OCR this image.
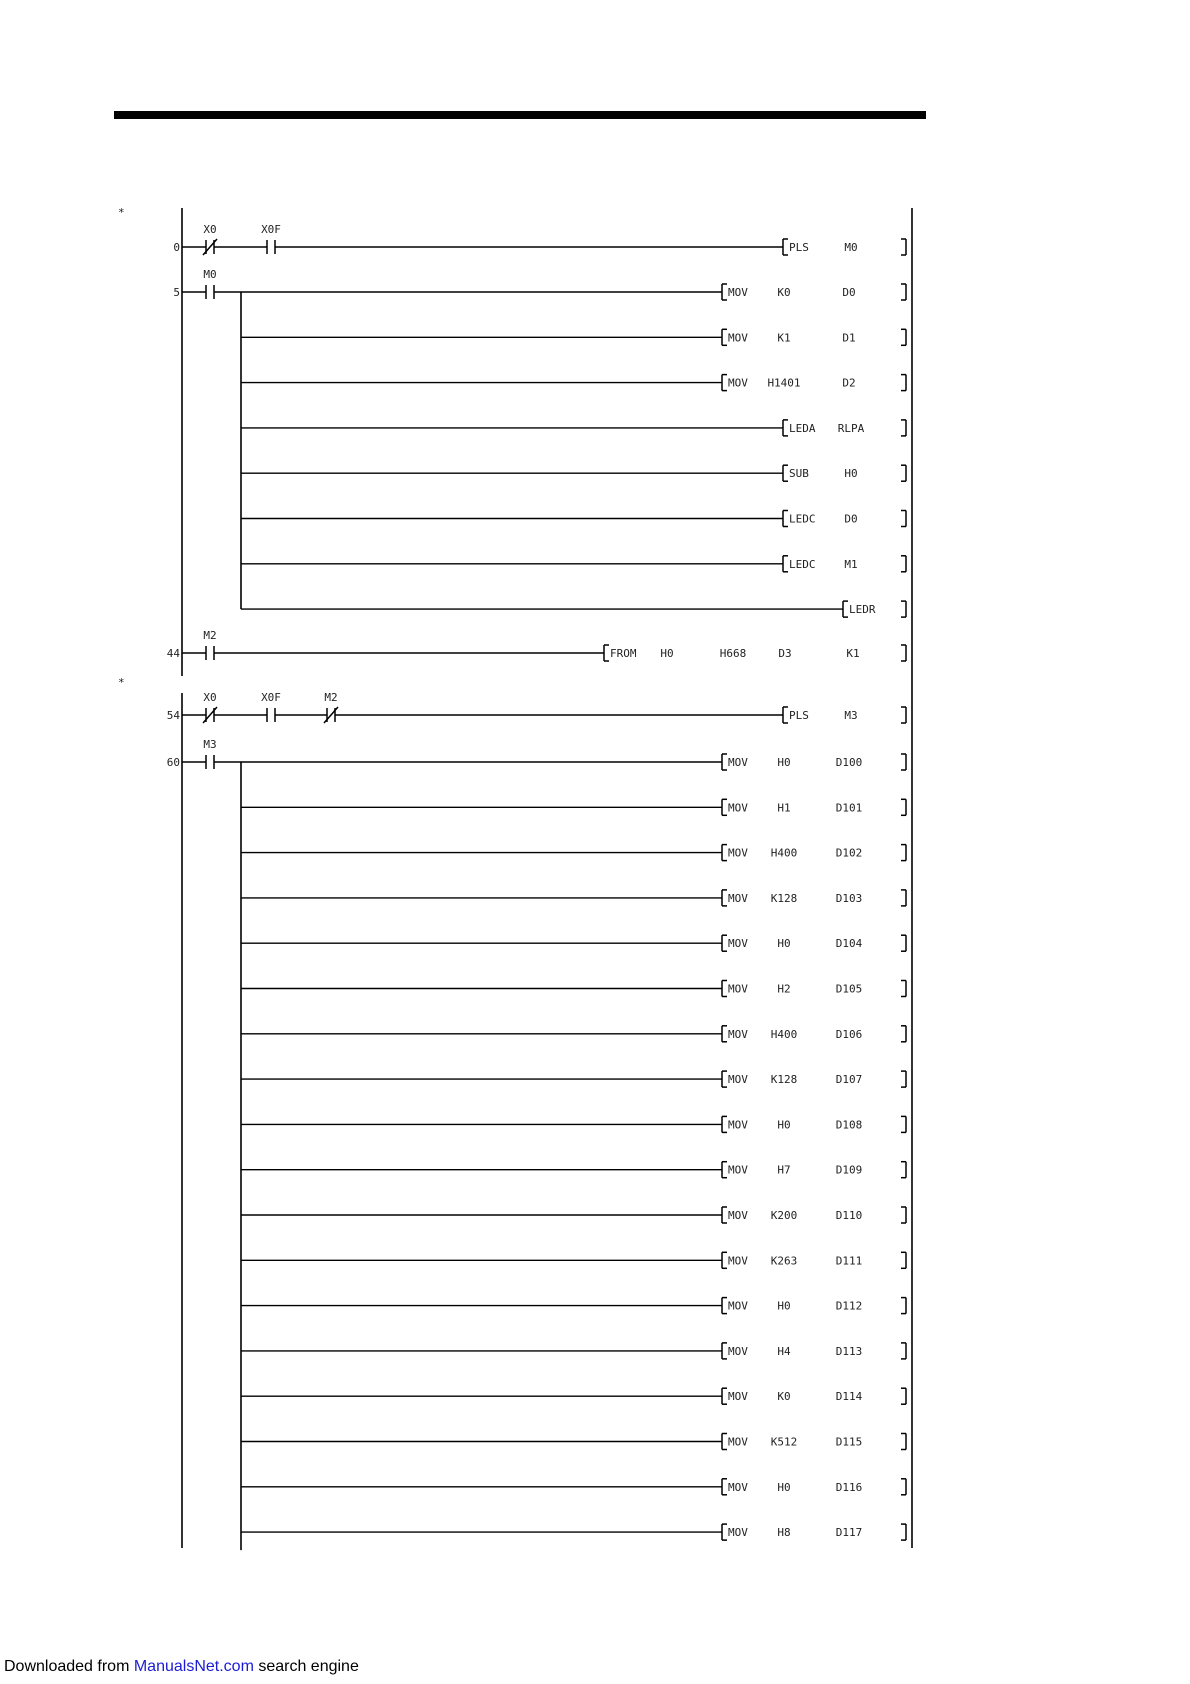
*
*
0
X0	X0F
PLS	M0
5
M0
MOV	K0	D0
MOV	K1	D1
MOV H1401	D2
LEDA RLPA
SUB	H0
LEDC	D0
LEDC	M1
LEDR
44
M2
FROM H0	H668	D3	K1
54
X0	X0F	M2
PLS	M3
60
M3
MOV	H0	D100
MOV	H1	D101
MOV H400	D102
MOV K128	D103
MOV	H0	D104
MOV	H2	D105
MOV H400	D106
MOV K128	D107
MOV	H0	D108
MOV	H7	D109
MOV K200	D110
MOV K263	D111
MOV	H0	D112
MOV	H4	D113
MOV	K0	D114
MOV K512	D115
MOV	H0	D116
MOV	H8	D117
Downloaded from ManualsNet.com search engine
